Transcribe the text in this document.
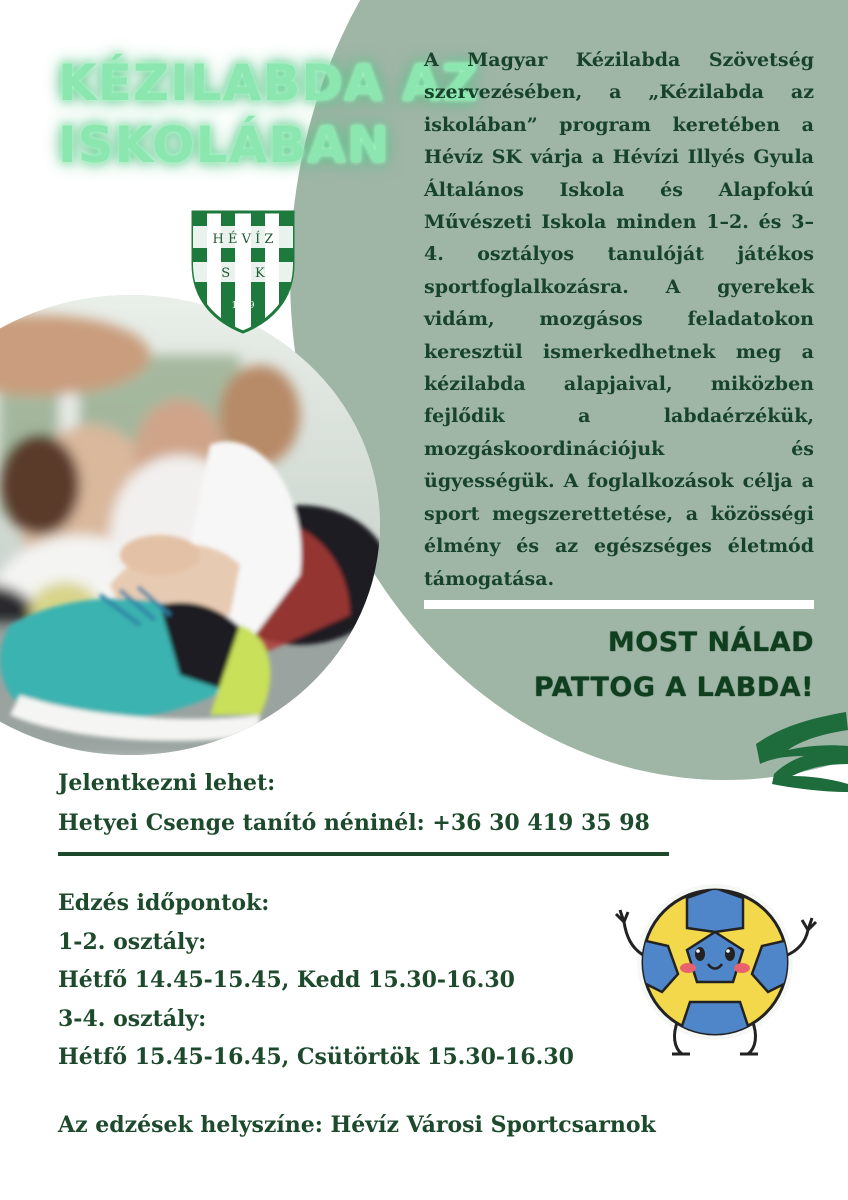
KÉZILABDA AZ
ISKOLÁBAN
H É V Í Z
S      K
1949

A Magyar Kézilabda Szövetség szervezésében, a „Kézilabda az iskolában” program keretében a Hévíz SK várja a Hévízi Illyés Gyula Általános Iskola és Alapfokú Művészeti Iskola minden 1–2. és 3–4. osztályos tanulóját játékos sportfoglalkozásra. A gyerekek vidám, mozgásos feladatokon keresztül ismerkedhetnek meg a kézilabda alapjaival, miközben fejlődik a labdaérzékük, mozgáskoordinációjuk és ügyességük. A foglalkozások célja a sport megszerettetése, a közösségi élmény és az egészséges életmód támogatása.

MOST NÁLAD
PATTOG A LABDA!

Jelentkezni lehet:

Hetyei Csenge tanító néninél: +36 30 419 35 98

Edzés időpontok:

1-2. osztály:

Hétfő 14.45-15.45, Kedd 15.30-16.30

3-4. osztály:

Hétfő 15.45-16.45, Csütörtök 15.30-16.30

Az edzések helyszíne: Hévíz Városi Sportcsarnok
